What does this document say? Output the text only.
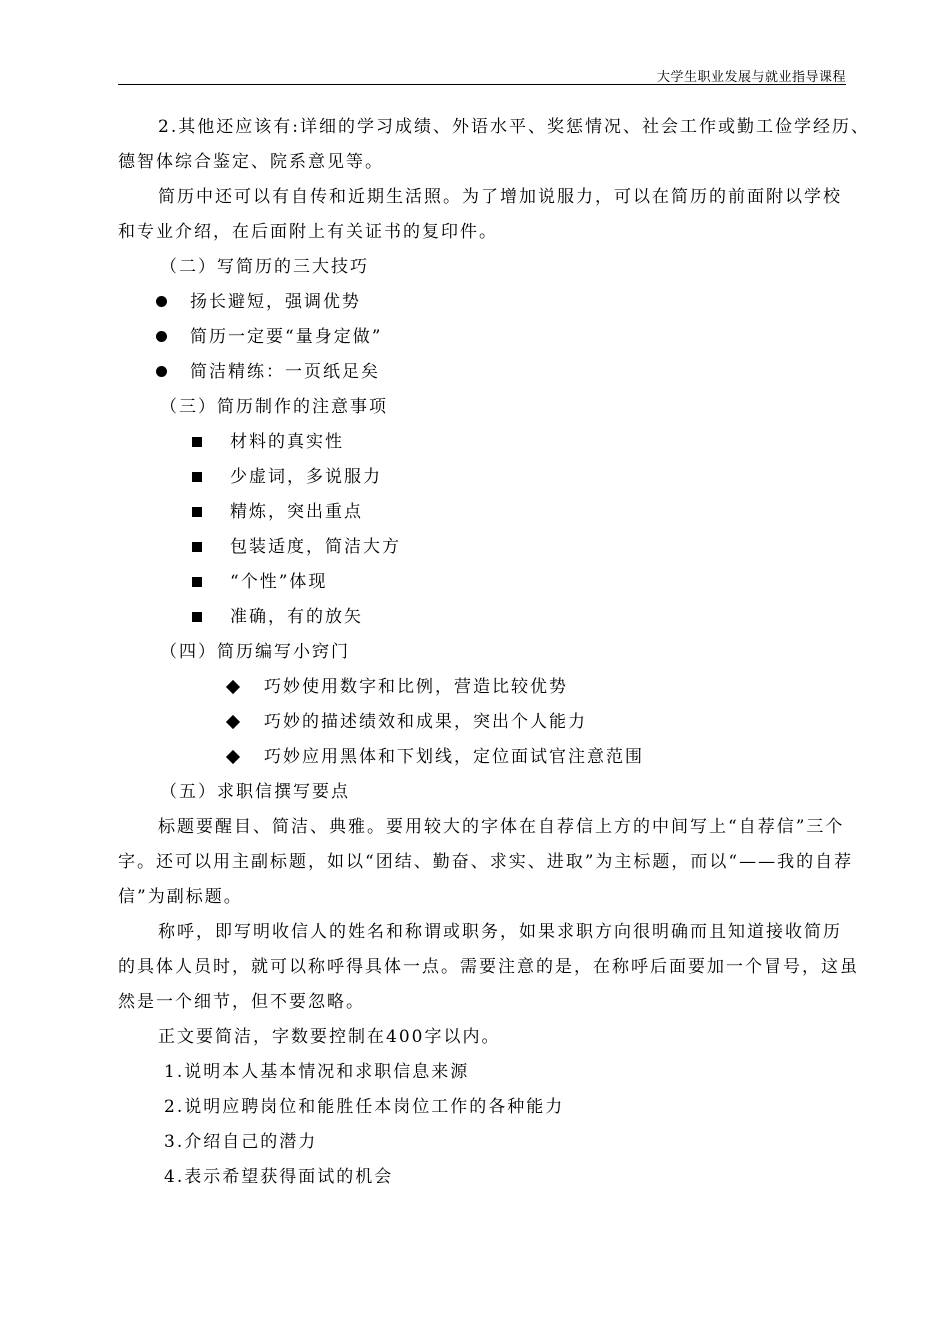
大学生职业发展与就业指导课程

2.其他还应该有:详细的学习成绩、外语水平、奖惩情况、社会工作或勤工俭学经历、
德智体综合鉴定、院系意见等。

简历中还可以有自传和近期生活照。为了增加说服力，可以在简历的前面附以学校
和专业介绍，在后面附上有关证书的复印件。

（二）写简历的三大技巧

扬长避短，强调优势
简历一定要“量身定做”
简洁精练：一页纸足矣

（三）简历制作的注意事项

材料的真实性
少虚词，多说服力
精炼，突出重点
包装适度，简洁大方
“个性”体现
准确，有的放矢

（四）简历编写小窍门

巧妙使用数字和比例，营造比较优势
巧妙的描述绩效和成果，突出个人能力
巧妙应用黑体和下划线，定位面试官注意范围

（五）求职信撰写要点

标题要醒目、简洁、典雅。要用较大的字体在自荐信上方的中间写上“自荐信”三个
字。还可以用主副标题，如以“团结、勤奋、求实、进取”为主标题，而以“——我的自荐
信”为副标题。

称呼，即写明收信人的姓名和称谓或职务，如果求职方向很明确而且知道接收简历
的具体人员时，就可以称呼得具体一点。需要注意的是，在称呼后面要加一个冒号，这虽
然是一个细节，但不要忽略。

正文要简洁，字数要控制在400字以内。

1.说明本人基本情况和求职信息来源
2.说明应聘岗位和能胜任本岗位工作的各种能力
3.介绍自己的潜力
4.表示希望获得面试的机会
